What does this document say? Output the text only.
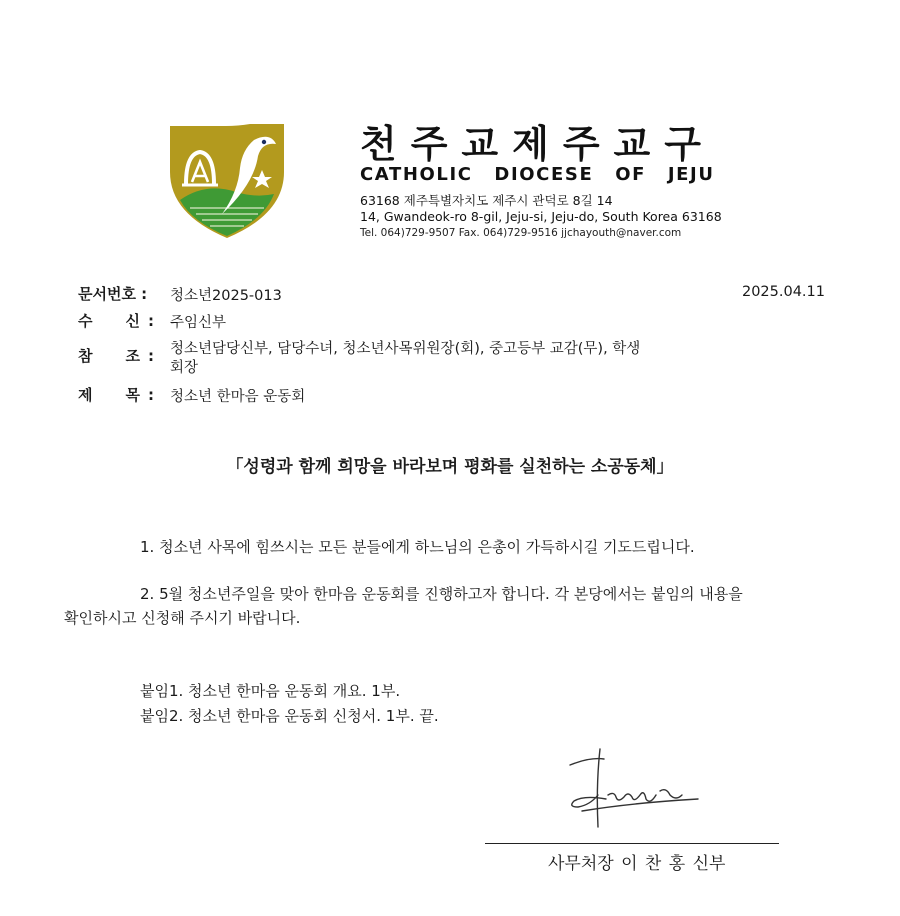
천주교제주교구
CATHOLIC DIOCESE OF JEJU
63168 제주특별자치도 제주시 관덕로 8길 14
14, Gwandeok-ro 8-gil, Jeju-si, Jeju-do, South Korea 63168
Tel. 064)729-9507 Fax. 064)729-9516 jjchayouth@naver.com
문서번호 : 청소년2025-013	2025.04.11
수 신 : 주임신부
참 조 : 청소년담당신부, 담당수녀, 청소년사목위원장(회), 중고등부 교감(무), 학생
회장
제 목 : 청소년 한마음 운동회
「성령과 함께 희망을 바라보며 평화를 실천하는 소공동체」
1. 청소년 사목에 힘쓰시는 모든 분들에게 하느님의 은총이 가득하시길 기도드립니다.
2. 5월 청소년주일을 맞아 한마음 운동회를 진행하고자 합니다. 각 본당에서는 붙임의 내용을
확인하시고 신청해 주시기 바랍니다.
붙임1. 청소년 한마음 운동회 개요. 1부.
붙임2. 청소년 한마음 운동회 신청서. 1부. 끝.
사무처장 이 찬 홍 신부
